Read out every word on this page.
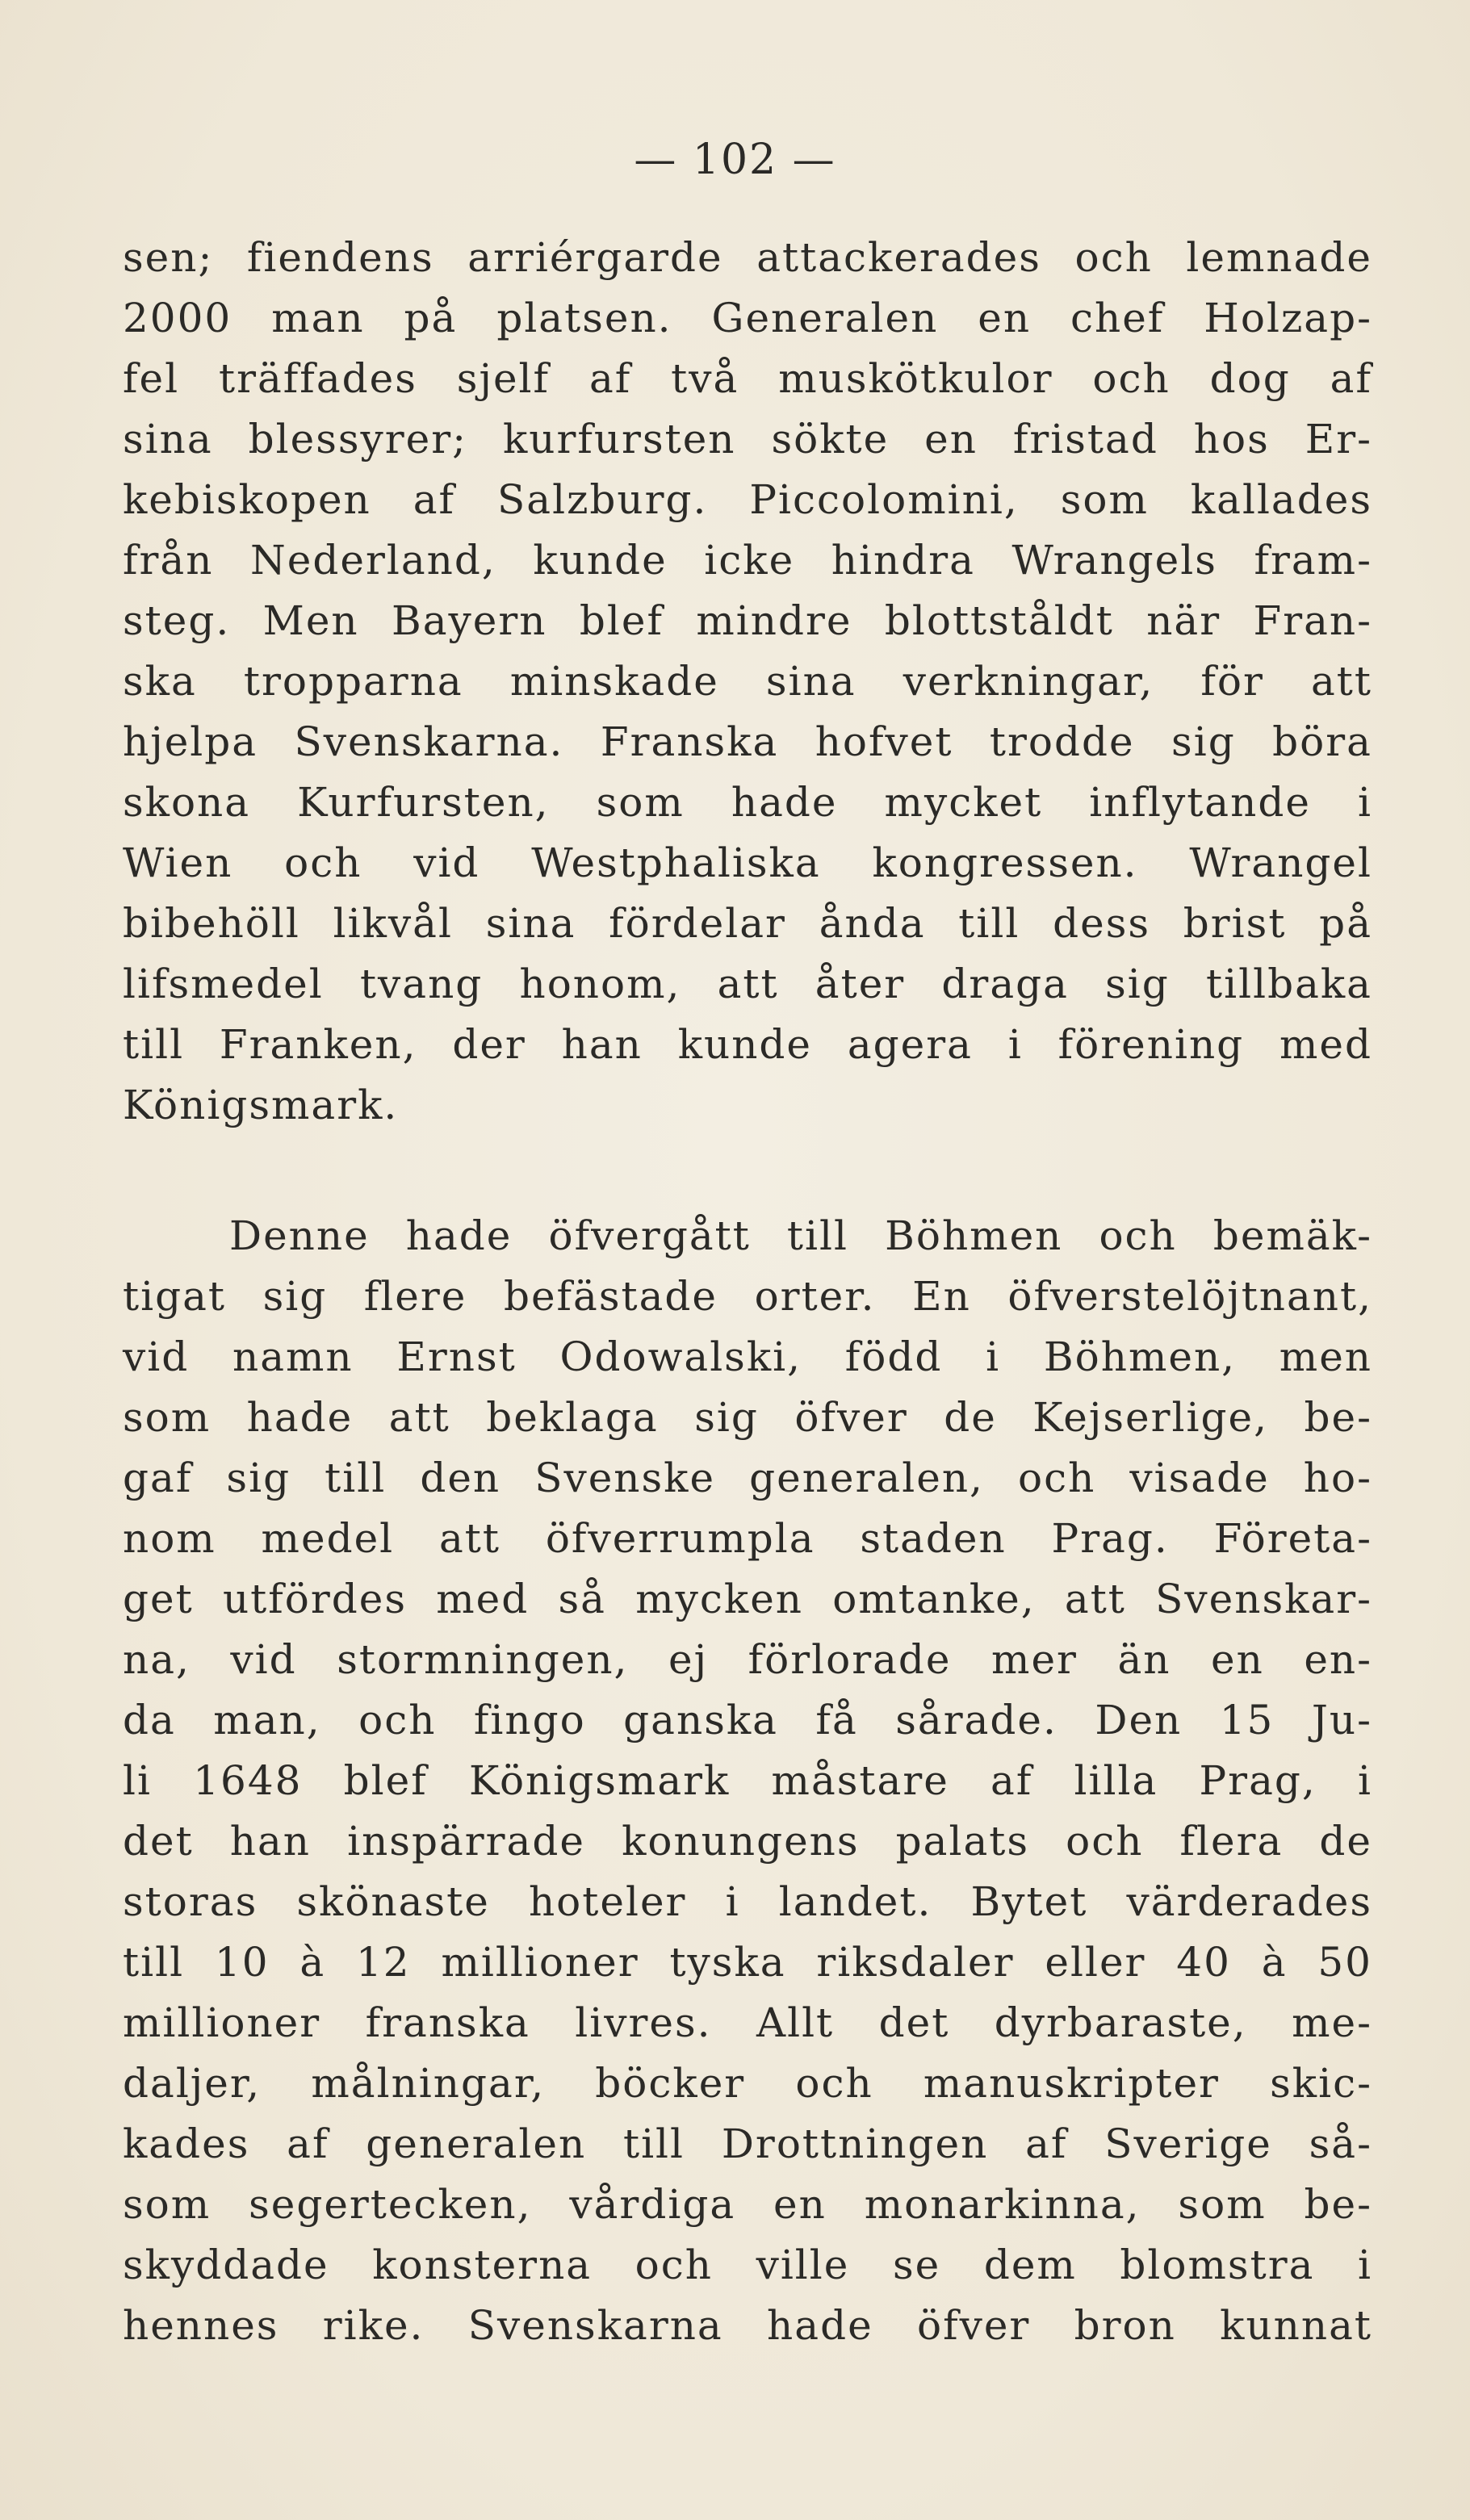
— 102 —
sen; fiendens arriérgarde attackerades och lemnade
2000 man på platsen. Generalen en chef Holzap-
fel träffades sjelf af två muskötkulor och dog af
sina blessyrer; kurfursten sökte en fristad hos Er-
kebiskopen af Salzburg. Piccolomini, som kallades
från Nederland, kunde icke hindra Wrangels fram-
steg. Men Bayern blef mindre blottståldt när Fran-
ska tropparna minskade sina verkningar, för att
hjelpa Svenskarna. Franska hofvet trodde sig böra
skona Kurfursten, som hade mycket inflytande i
Wien och vid Westphaliska kongressen. Wrangel
bibehöll likvål sina fördelar ånda till dess brist på
lifsmedel tvang honom, att åter draga sig tillbaka
till Franken, der han kunde agera i förening med
Königsmark.
Denne hade öfvergått till Böhmen och bemäk-
tigat sig flere befästade orter. En öfverstelöjtnant,
vid namn Ernst Odowalski, född i Böhmen, men
som hade att beklaga sig öfver de Kejserlige, be-
gaf sig till den Svenske generalen, och visade ho-
nom medel att öfverrumpla staden Prag. Företa-
get utfördes med så mycken omtanke, att Svenskar-
na, vid stormningen, ej förlorade mer än en en-
da man, och fingo ganska få sårade. Den 15 Ju-
li 1648 blef Königsmark måstare af lilla Prag, i
det han inspärrade konungens palats och flera de
storas skönaste hoteler i landet. Bytet värderades
till 10 à 12 millioner tyska riksdaler eller 40 à 50
millioner franska livres. Allt det dyrbaraste, me-
daljer, målningar, böcker och manuskripter skic-
kades af generalen till Drottningen af Sverige så-
som segertecken, vårdiga en monarkinna, som be-
skyddade konsterna och ville se dem blomstra i
hennes rike. Svenskarna hade öfver bron kunnat
